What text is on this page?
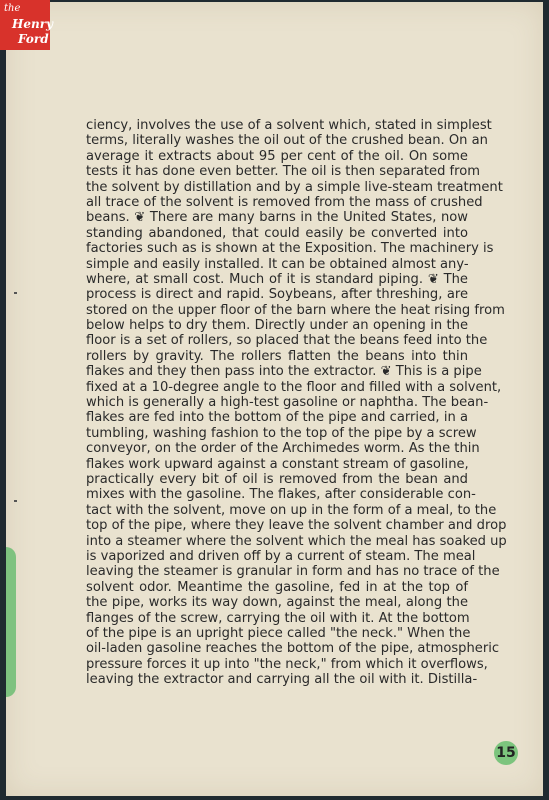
ciency, involves the use of a solvent which, stated in simplest
terms, literally washes the oil out of the crushed bean. On an
average it extracts about 95 per cent of the oil. On some
tests it has done even better. The oil is then separated from
the solvent by distillation and by a simple live-steam treatment
all trace of the solvent is removed from the mass of crushed
beans. ❦ There are many barns in the United States, now
standing abandoned, that could easily be converted into
factories such as is shown at the Exposition. The machinery is
simple and easily installed. It can be obtained almost any-
where, at small cost. Much of it is standard piping. ❦ The
process is direct and rapid. Soybeans, after threshing, are
stored on the upper floor of the barn where the heat rising from
below helps to dry them. Directly under an opening in the
floor is a set of rollers, so placed that the beans feed into the
rollers by gravity. The rollers flatten the beans into thin
flakes and they then pass into the extractor. ❦ This is a pipe
fixed at a 10-degree angle to the floor and filled with a solvent,
which is generally a high-test gasoline or naphtha. The bean-
flakes are fed into the bottom of the pipe and carried, in a
tumbling, washing fashion to the top of the pipe by a screw
conveyor, on the order of the Archimedes worm. As the thin
flakes work upward against a constant stream of gasoline,
practically every bit of oil is removed from the bean and
mixes with the gasoline. The flakes, after considerable con-
tact with the solvent, move on up in the form of a meal, to the
top of the pipe, where they leave the solvent chamber and drop
into a steamer where the solvent which the meal has soaked up
is vaporized and driven off by a current of steam. The meal
leaving the steamer is granular in form and has no trace of the
solvent odor. Meantime the gasoline, fed in at the top of
the pipe, works its way down, against the meal, along the
flanges of the screw, carrying the oil with it. At the bottom
of the pipe is an upright piece called "the neck." When the
oil-laden gasoline reaches the bottom of the pipe, atmospheric
pressure forces it up into "the neck," from which it overflows,
leaving the extractor and carrying all the oil with it. Distilla-
15
the
Henry
Ford
